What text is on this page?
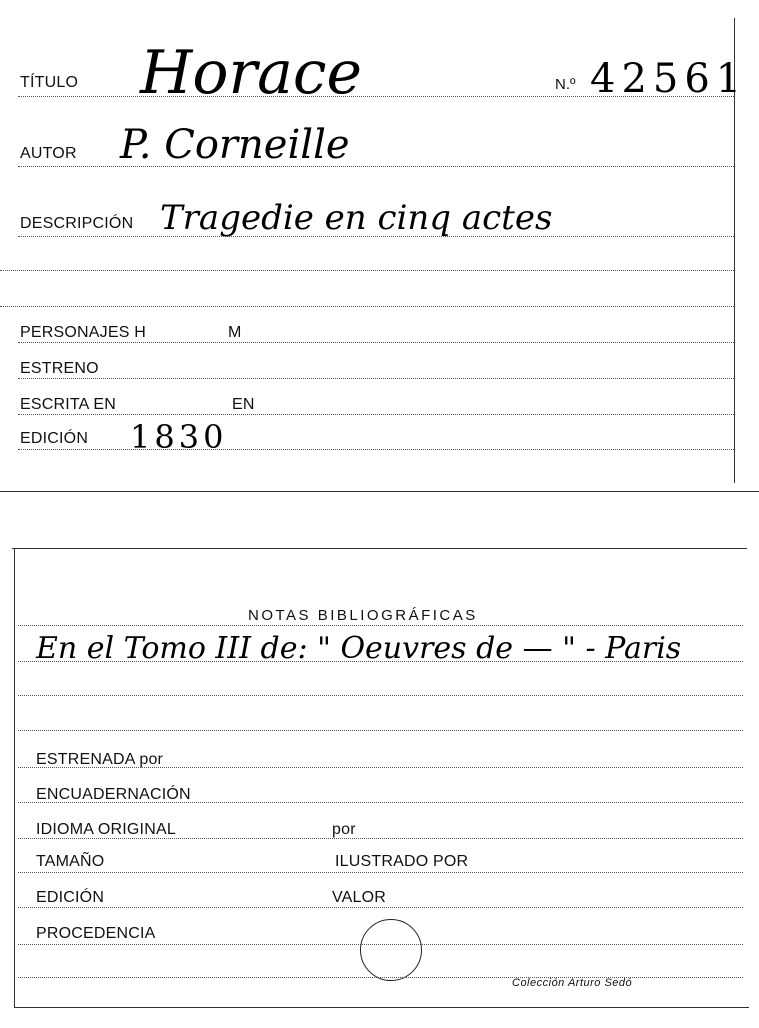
TÍTULO Horace	N.º 42561
AUTOR P. Corneille
DESCRIPCIÓN Tragedie en cinq actes
PERSONAJES H	M
ESTRENO
ESCRITA EN	EN
EDICIÓN 1830
NOTAS BIBLIOGRÁFICAS
En el Tomo III de: " Oeuvres de — " - Paris
ESTRENADA por
ENCUADERNACIÓN
IDIOMA ORIGINAL	por
TAMAÑO	ILUSTRADO POR
EDICIÓN	VALOR
PROCEDENCIA
Colección Arturo Sedó
